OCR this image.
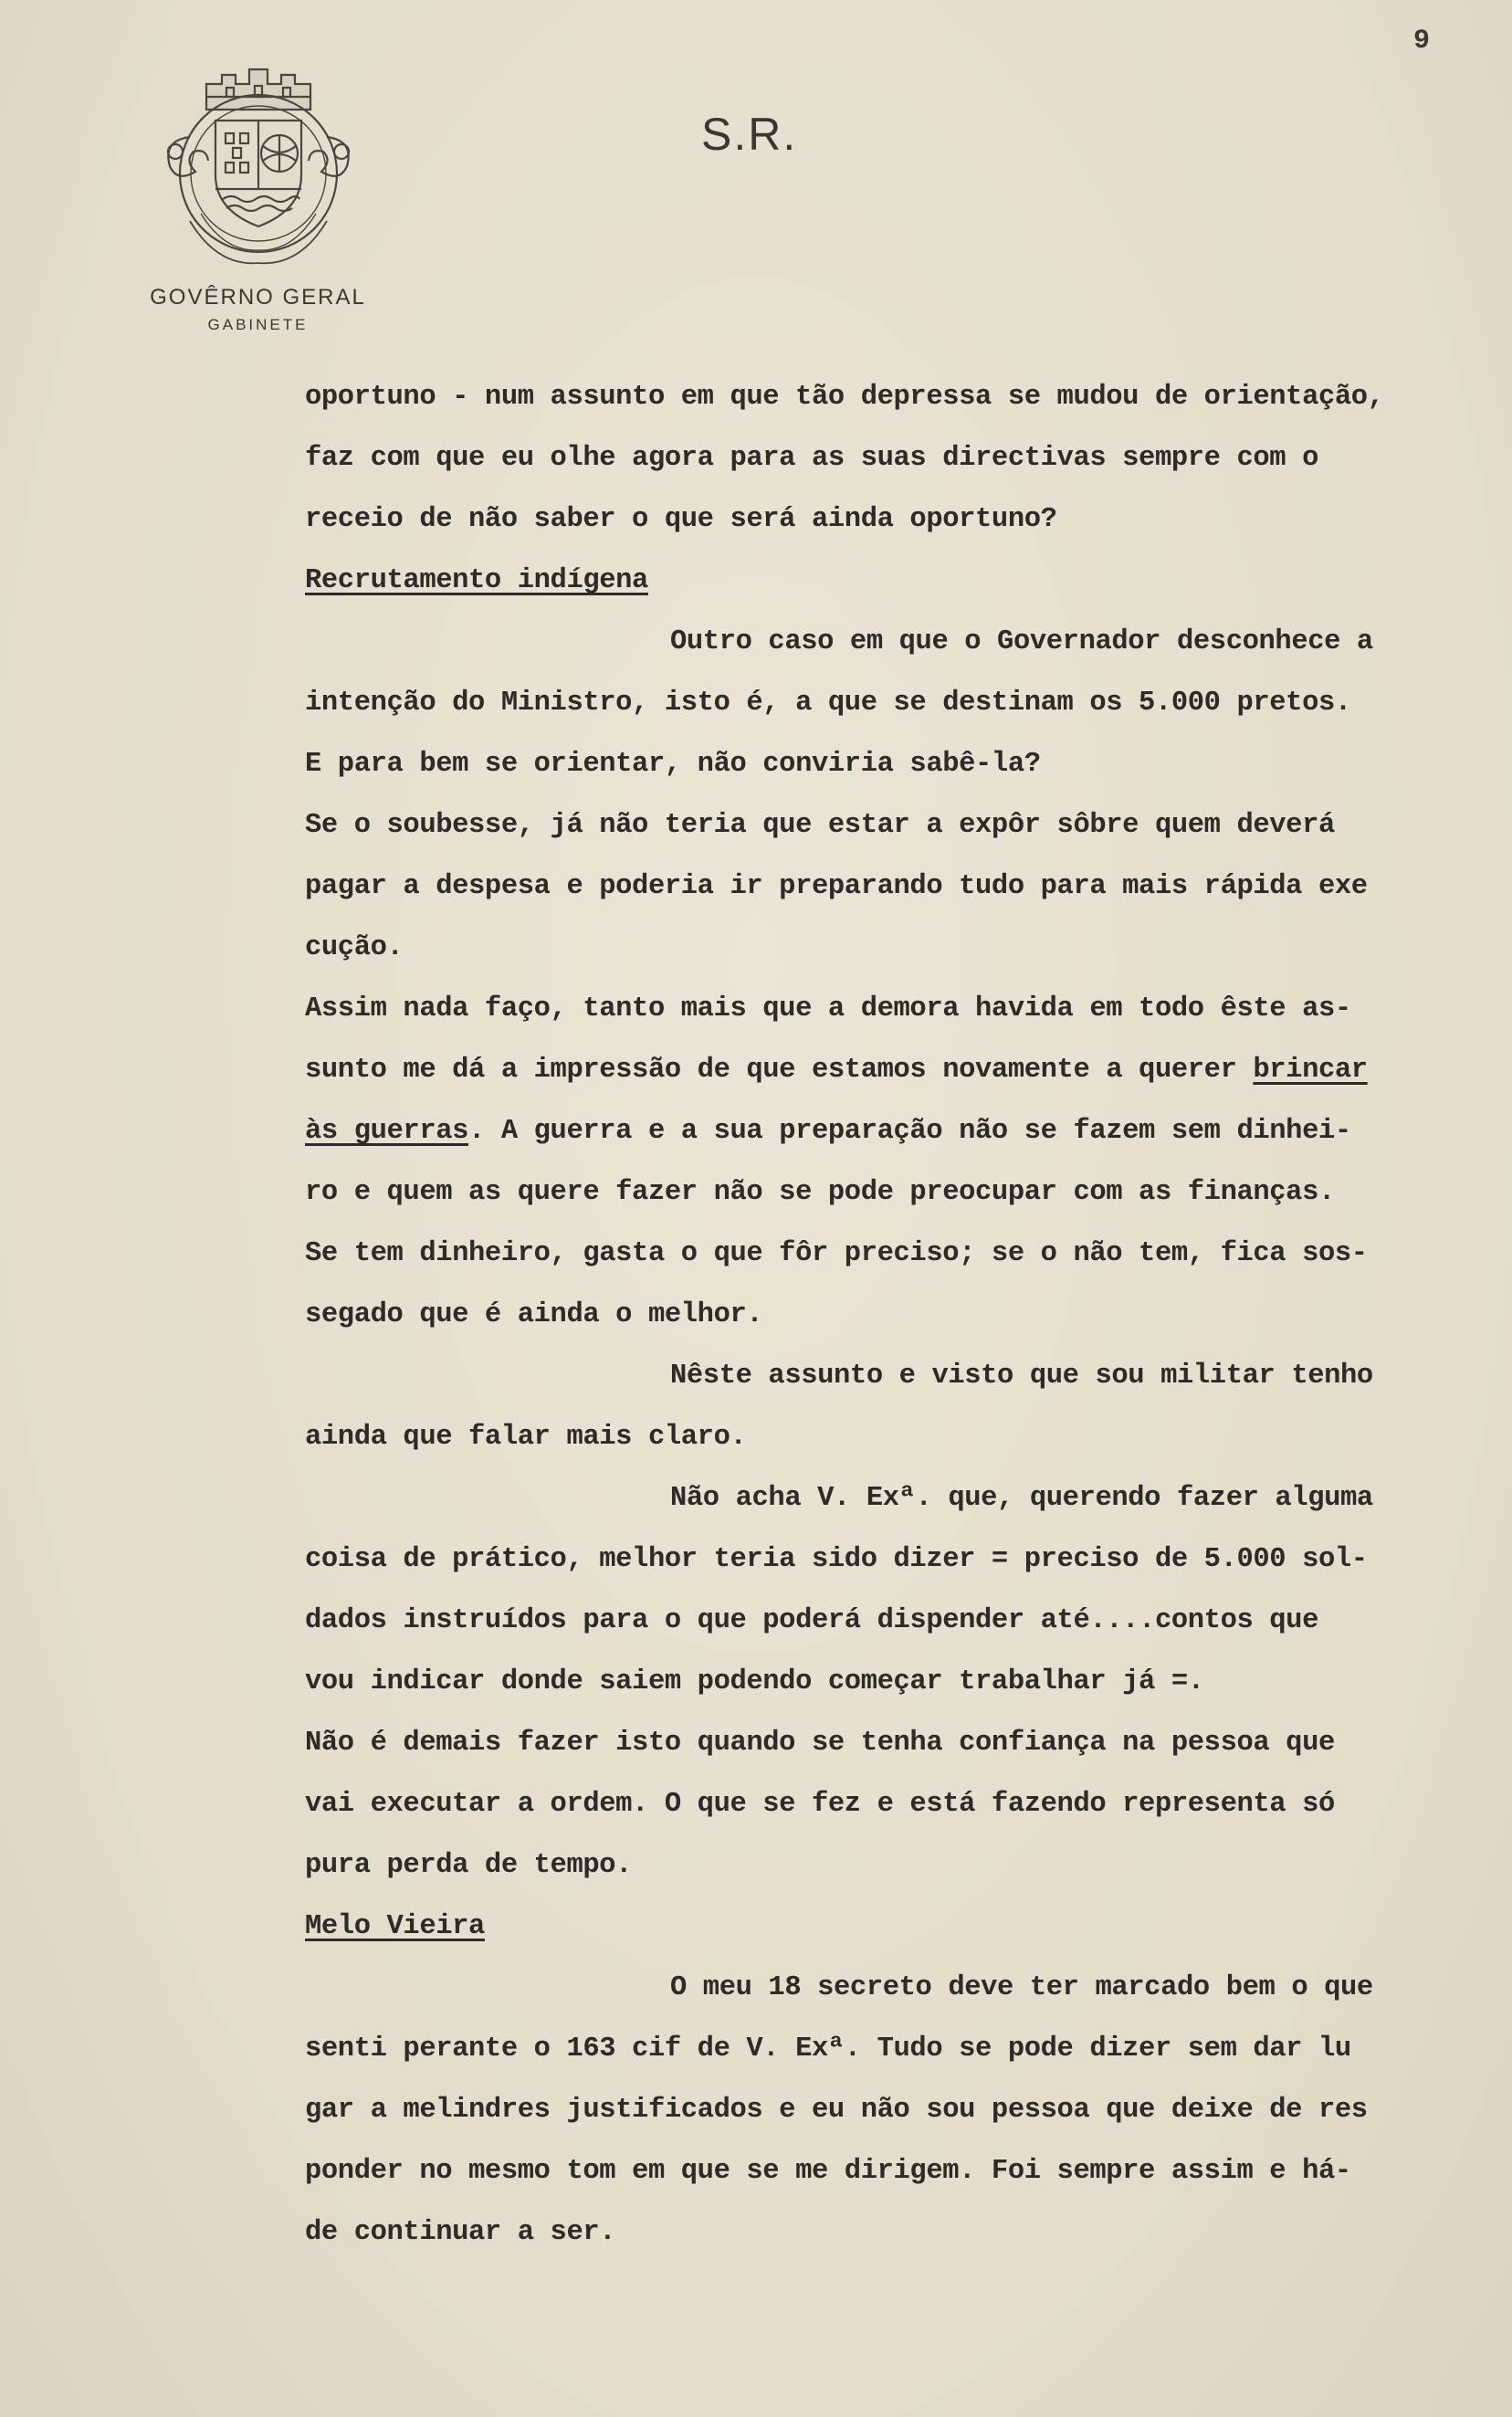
9
GOVÊRNO GERAL
GABINETE
S.R.
oportuno - num assunto em que tão depressa se mudou de orientação,
faz com que eu olhe agora para as suas directivas sempre com o
receio de não saber o que será ainda oportuno?
Recrutamento indígena
Outro caso em que o Governador desconhece a
intenção do Ministro, isto é, a que se destinam os 5.000 pretos.
E para bem se orientar, não conviria sabê-la?
Se o soubesse, já não teria que estar a expôr sôbre quem deverá
pagar a despesa e poderia ir preparando tudo para mais rápida exe
cução.
Assim nada faço, tanto mais que a demora havida em todo êste as-
sunto me dá a impressão de que estamos novamente a querer brincar
às guerras. A guerra e a sua preparação não se fazem sem dinhei-
ro e quem as quere fazer não se pode preocupar com as finanças.
Se tem dinheiro, gasta o que fôr preciso; se o não tem, fica sos-
segado que é ainda o melhor.
Nêste assunto e visto que sou militar tenho
ainda que falar mais claro.
Não acha V. Exª. que, querendo fazer alguma
coisa de prático, melhor teria sido dizer = preciso de 5.000 sol-
dados instruídos para o que poderá dispender até....contos que
vou indicar donde saiem podendo começar trabalhar já =.
Não é demais fazer isto quando se tenha confiança na pessoa que
vai executar a ordem. O que se fez e está fazendo representa só
pura perda de tempo.
Melo Vieira
O meu 18 secreto deve ter marcado bem o que
senti perante o 163 cif de V. Exª. Tudo se pode dizer sem dar lu
gar a melindres justificados e eu não sou pessoa que deixe de res
ponder no mesmo tom em que se me dirigem. Foi sempre assim e há-
de continuar a ser.
